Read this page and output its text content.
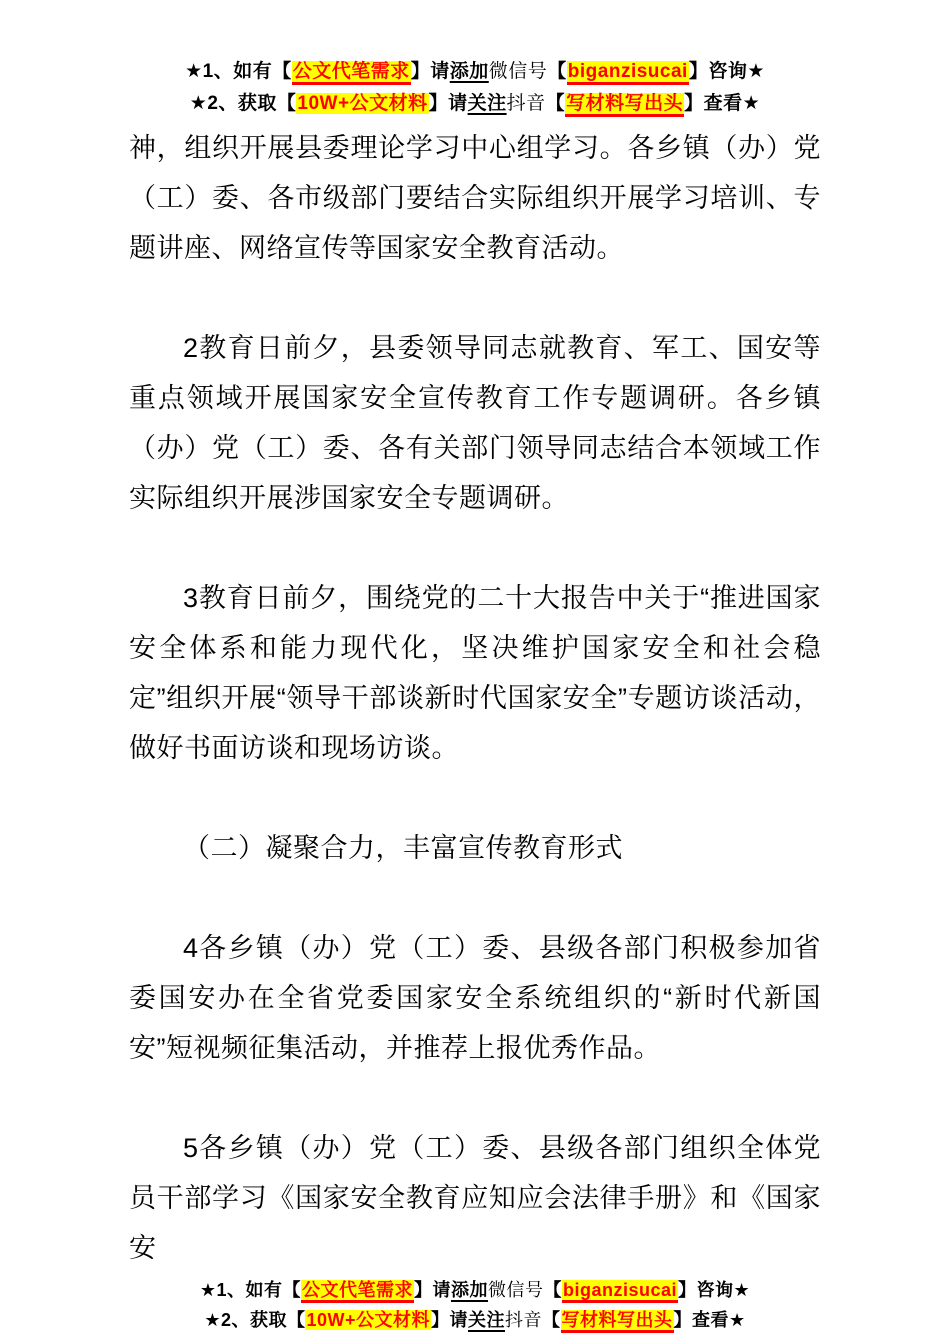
★1、如有【公文代笔需求】请添加微信号【biganzisucai】咨询★
★2、获取【10W+公文材料】请关注抖音【写材料写出头】查看★

神，组织开展县委理论学习中心组学习。各乡镇（办）党（工）委、各市级部门要结合实际组织开展学习培训、专题讲座、网络宣传等国家安全教育活动。

2教育日前夕，县委领导同志就教育、军工、国安等重点领域开展国家安全宣传教育工作专题调研。各乡镇（办）党（工）委、各有关部门领导同志结合本领域工作实际组织开展涉国家安全专题调研。

3教育日前夕，围绕党的二十大报告中关于“推进国家安全体系和能力现代化，坚决维护国家安全和社会稳定”组织开展“领导干部谈新时代国家安全”专题访谈活动，做好书面访谈和现场访谈。

（二）凝聚合力，丰富宣传教育形式

4各乡镇（办）党（工）委、县级各部门积极参加省委国安办在全省党委国家安全系统组织的“新时代新国安”短视频征集活动，并推荐上报优秀作品。

5各乡镇（办）党（工）委、县级各部门组织全体党员干部学习《国家安全教育应知应会法律手册》和《国家安

★1、如有【公文代笔需求】请添加微信号【biganzisucai】咨询★
★2、获取【10W+公文材料】请关注抖音【写材料写出头】查看★
